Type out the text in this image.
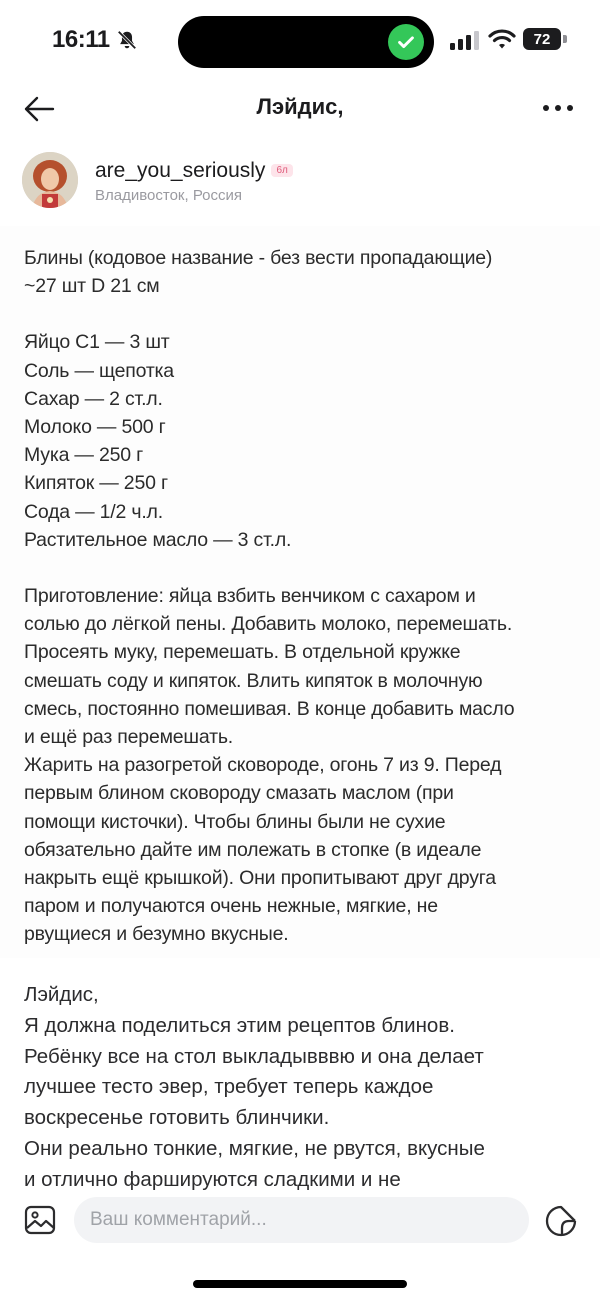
16:11	72
Лэйдис,
are_you_seriously 6л
Владивосток, Россия

Блины (кодовое название - без вести пропадающие)

~27 шт D 21 см

Яйцо С1 — 3 шт

Соль — щепотка

Сахар — 2 ст.л.

Молоко — 500 г

Мука — 250 г

Кипяток — 250 г

Сода — 1/2 ч.л.

Растительное масло — 3 ст.л.

Приготовление: яйца взбить венчиком с сахаром и

солью до лёгкой пены. Добавить молоко, перемешать.

Просеять муку, перемешать. В отдельной кружке

смешать соду и кипяток. Влить кипяток в молочную

смесь, постоянно помешивая. В конце добавить масло

и ещё раз перемешать.

Жарить на разогретой сковороде, огонь 7 из 9. Перед

первым блином сковороду смазать маслом (при

помощи кисточки). Чтобы блины были не сухие

обязательно дайте им полежать в стопке (в идеале

накрыть ещё крышкой). Они пропитывают друг друга

паром и получаются очень нежные, мягкие, не

рвущиеся и безумно вкусные.

Лэйдис,

Я должна поделиться этим рецептов блинов.

Ребёнку все на стол выкладывввю и она делает

лучшее тесто эвер, требует теперь каждое

воскресенье готовить блинчики.

Они реально тонкие, мягкие, не рвутся, вкусные

и отлично фаршируются сладкими и не

Ваш комментарий...
